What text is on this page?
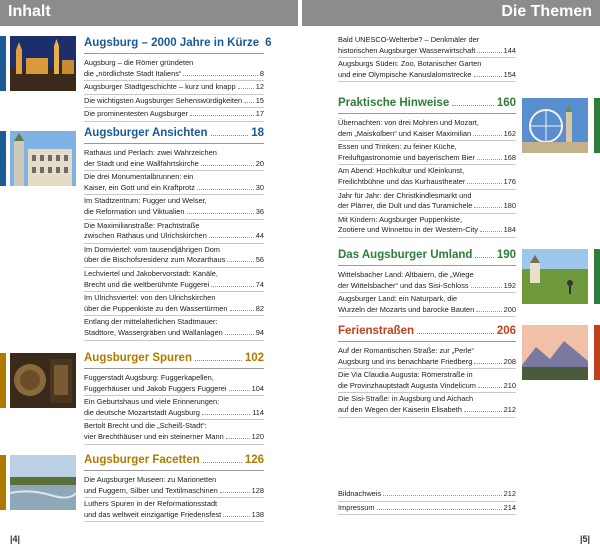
Inhalt	Die Themen
Augsburg – 2000 Jahre in Kürze 6
Augsburg – die Römer gründeten
die „nördlichste Stadt Italiens“	8
Augsburger Stadtgeschichte – kurz und knapp	12
Die wichtigsten Augsburger Sehenswürdigkeiten 15
Die prominentesten Augsburger	17
Augsburger Ansichten	18
Rathaus und Perlach: zwei Wahrzeichen
der Stadt und eine Wallfahrtskirche	20
Die drei Monumentalbrunnen: ein
Kaiser, ein Gott und ein Kraftprotz	30
Im Stadtzentrum: Fugger und Welser,
die Reformation und Viktualien	36
Die Maximilianstraße: Prachtstraße
zwischen Rathaus und Ulrichskirchen	44
Im Domviertel: vom tausendjährigen Dom
über die Bischofsresidenz zum Mozarthaus	56
Lechviertel und Jakobervorstadt: Kanäle,
Brecht und die weltberühmte Fuggerei	74
Im Ulrichsviertel: von den Ulrichskirchen
über die Puppenkiste zu den Wassertürmen	82
Entlang der mittelalterlichen Stadtmauer:
Stadttore, Wassergräben und Wallanlagen	94
Augsburger Spuren	102
Fuggerstadt Augsburg: Fuggerkapellen,
Fuggerhäuser und Jakob Fuggers Fuggerei	104
Ein Geburtshaus und viele Erinnerungen:
die deutsche Mozartstadt Augsburg	114
Bertolt Brecht und die „Scheiß-Stadt“:
vier Brechthäuser und ein steinerner Mann	120
Augsburger Facetten	126
Die Augsburger Museen: zu Marionetten
und Fuggern, Silber und Textilmaschinen	128
Luthers Spuren in der Reformationsstadt
und das weltweit einzigartige Friedensfest	138
Bald UNESCO-Welterbe? – Denkmäler der
historischen Augsburger Wasserwirtschaft	144
Augsburgs Süden: Zoo, Botanischer Garten
und eine Olympische Kanuslalomstrecke	154
Praktische Hinweise	160
Übernachten: von drei Mohren und Mozart,
dem „Maiskolben“ und Kaiser Maximilian	162
Essen und Trinken: zu feiner Küche,
Freiluftgastronomie und bayerischem Bier	168
Am Abend: Hochkultur und Kleinkunst,
Freilichtbühne und das Kurhaustheater	176
Jahr für Jahr: der Christkindlesmarkt und
der Plärrer, die Dult und das Turamichele	180
Mit Kindern: Augsburger Puppenkiste,
Zootiere und Winnetou in der Western-City	184
Das Augsburger Umland 190
Wittelsbacher Land: Altbaiern, die „Wiege
der Wittelsbacher“ und das Sisi-Schloss	192
Augsburger Land: ein Naturpark, die
Wurzeln der Mozarts und barocke Bauten	200
Ferienstraßen	206
Auf der Romantischen Straße: zur „Perle“
Augsburg und ins benachbarte Friedberg	208
Die Via Claudia Augusta: Römerstraße in
die Provinzhauptstadt Augusta Vindelicum	210
Die Sisi-Straße: in Augsburg und Aichach
auf den Wegen der Kaiserin Elisabeth	212
Bildnachweis	212
Impressum	214
|4|	|5|
